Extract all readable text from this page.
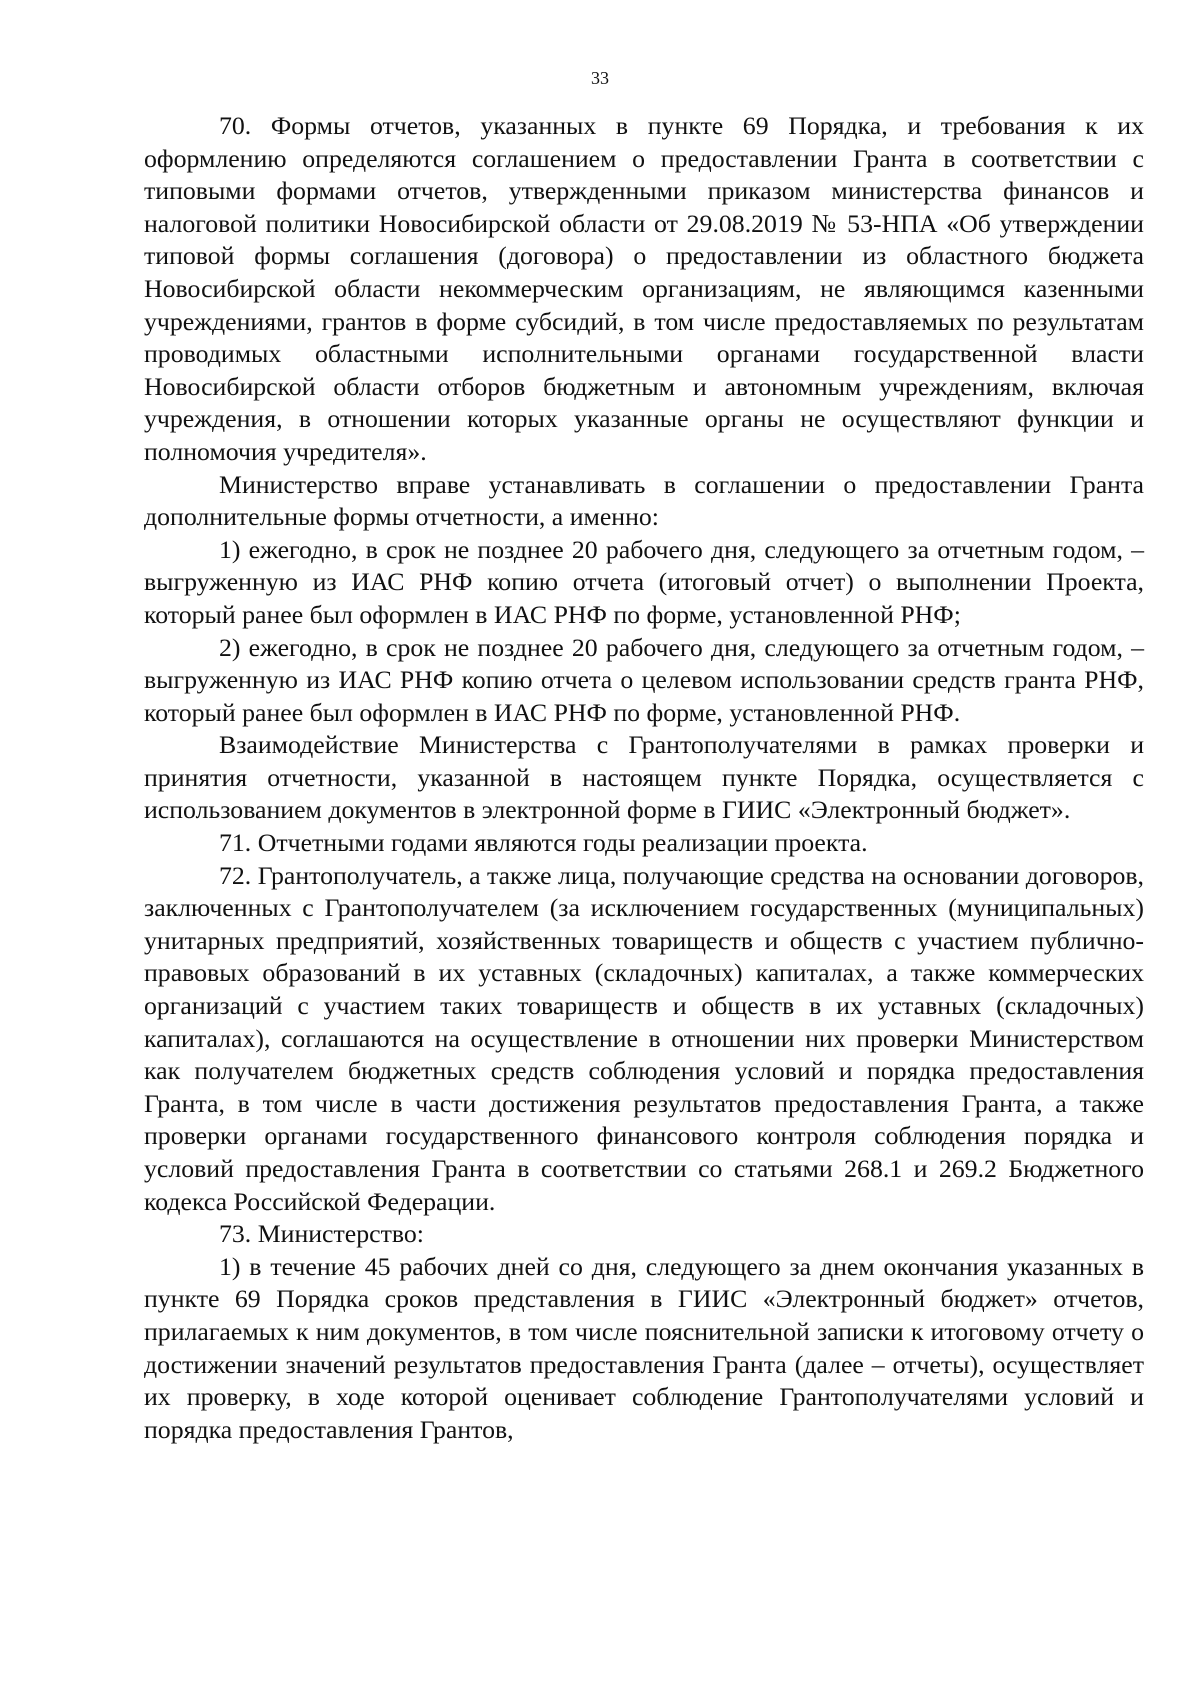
33

70. Формы отчетов, указанных в пункте 69 Порядка, и требования к их оформлению определяются соглашением о предоставлении Гранта в соответствии с типовыми формами отчетов, утвержденными приказом министерства финансов и налоговой политики Новосибирской области от 29.08.2019 № 53-НПА «Об утверждении типовой формы соглашения (договора) о предоставлении из областного бюджета Новосибирской области некоммерческим организациям, не являющимся казенными учреждениями, грантов в форме субсидий, в том числе предоставляемых по результатам проводимых областными исполнительными органами государственной власти Новосибирской области отборов бюджетным и автономным учреждениям, включая учреждения, в отношении которых указанные органы не осуществляют функции и полномочия учредителя».

Министерство вправе устанавливать в соглашении о предоставлении Гранта дополнительные формы отчетности, а именно:

1) ежегодно, в срок не позднее 20 рабочего дня, следующего за отчетным годом, – выгруженную из ИАС РНФ копию отчета (итоговый отчет) о выполнении Проекта, который ранее был оформлен в ИАС РНФ по форме, установленной РНФ;

2) ежегодно, в срок не позднее 20 рабочего дня, следующего за отчетным годом, – выгруженную из ИАС РНФ копию отчета о целевом использовании средств гранта РНФ, который ранее был оформлен в ИАС РНФ по форме, установленной РНФ.

Взаимодействие Министерства с Грантополучателями в рамках проверки и принятия отчетности, указанной в настоящем пункте Порядка, осуществляется с использованием документов в электронной форме в ГИИС «Электронный бюджет».

71. Отчетными годами являются годы реализации проекта.

72. Грантополучатель, а также лица, получающие средства на основании договоров, заключенных с Грантополучателем (за исключением государственных (муниципальных) унитарных предприятий, хозяйственных товариществ и обществ с участием публично-правовых образований в их уставных (складочных) капиталах, а также коммерческих организаций с участием таких товариществ и обществ в их уставных (складочных) капиталах), соглашаются на осуществление в отношении них проверки Министерством как получателем бюджетных средств соблюдения условий и порядка предоставления Гранта, в том числе в части достижения результатов предоставления Гранта, а также проверки органами государственного финансового контроля соблюдения порядка и условий предоставления Гранта в соответствии со статьями 268.1 и 269.2 Бюджетного кодекса Российской Федерации.

73. Министерство:

1) в течение 45 рабочих дней со дня, следующего за днем окончания указанных в пункте 69 Порядка сроков представления в ГИИС «Электронный бюджет» отчетов, прилагаемых к ним документов, в том числе пояснительной записки к итоговому отчету о достижении значений результатов предоставления Гранта (далее – отчеты), осуществляет их проверку, в ходе которой оценивает соблюдение Грантополучателями условий и порядка предоставления Грантов,
